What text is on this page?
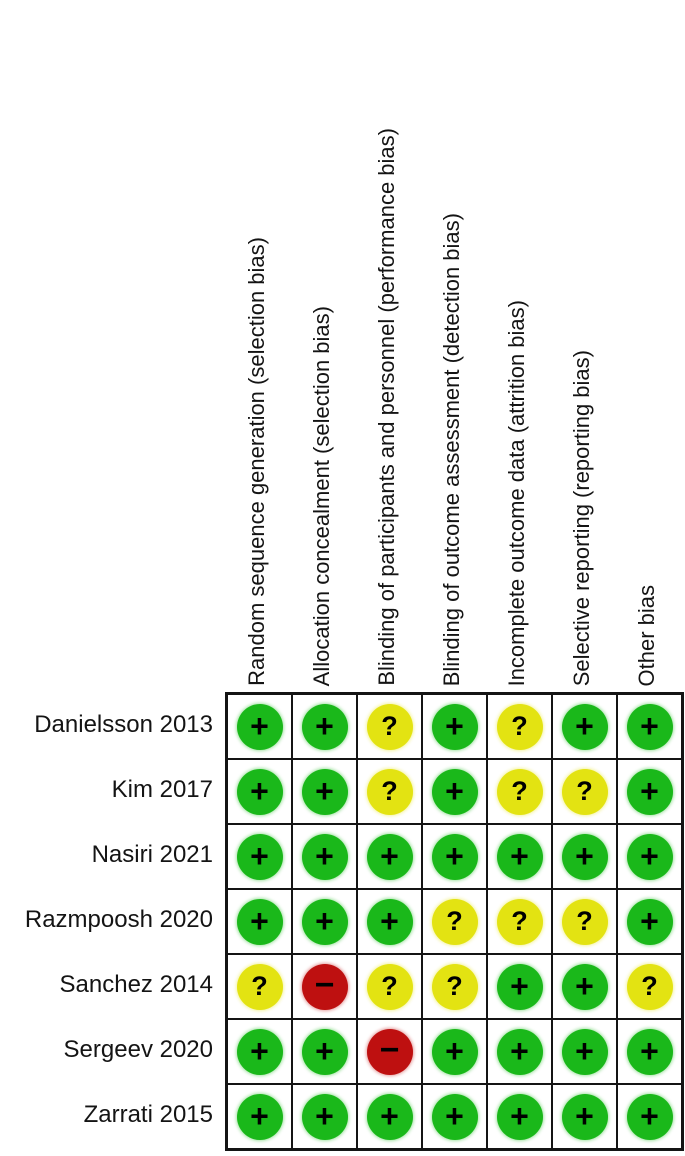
Random sequence generation (selection bias) Allocation concealment (selection bias) Blinding of participants and personnel (performance bias) Blinding of outcome assessment (detection bias) Incomplete outcome data (attrition bias) Selective reporting (reporting bias) Other bias
Danielsson 2013
Kim 2017
Nasiri 2021
Razmpoosh 2020
Sanchez 2014
Sergeev 2020
Zarrati 2015
+ + ? + ? + +
+ + ? + ? ? +
+ + + + + + +
+ + + ? ? ? +
? − ? ? + + ?
+ + − + + + +
+ + + + + + +
